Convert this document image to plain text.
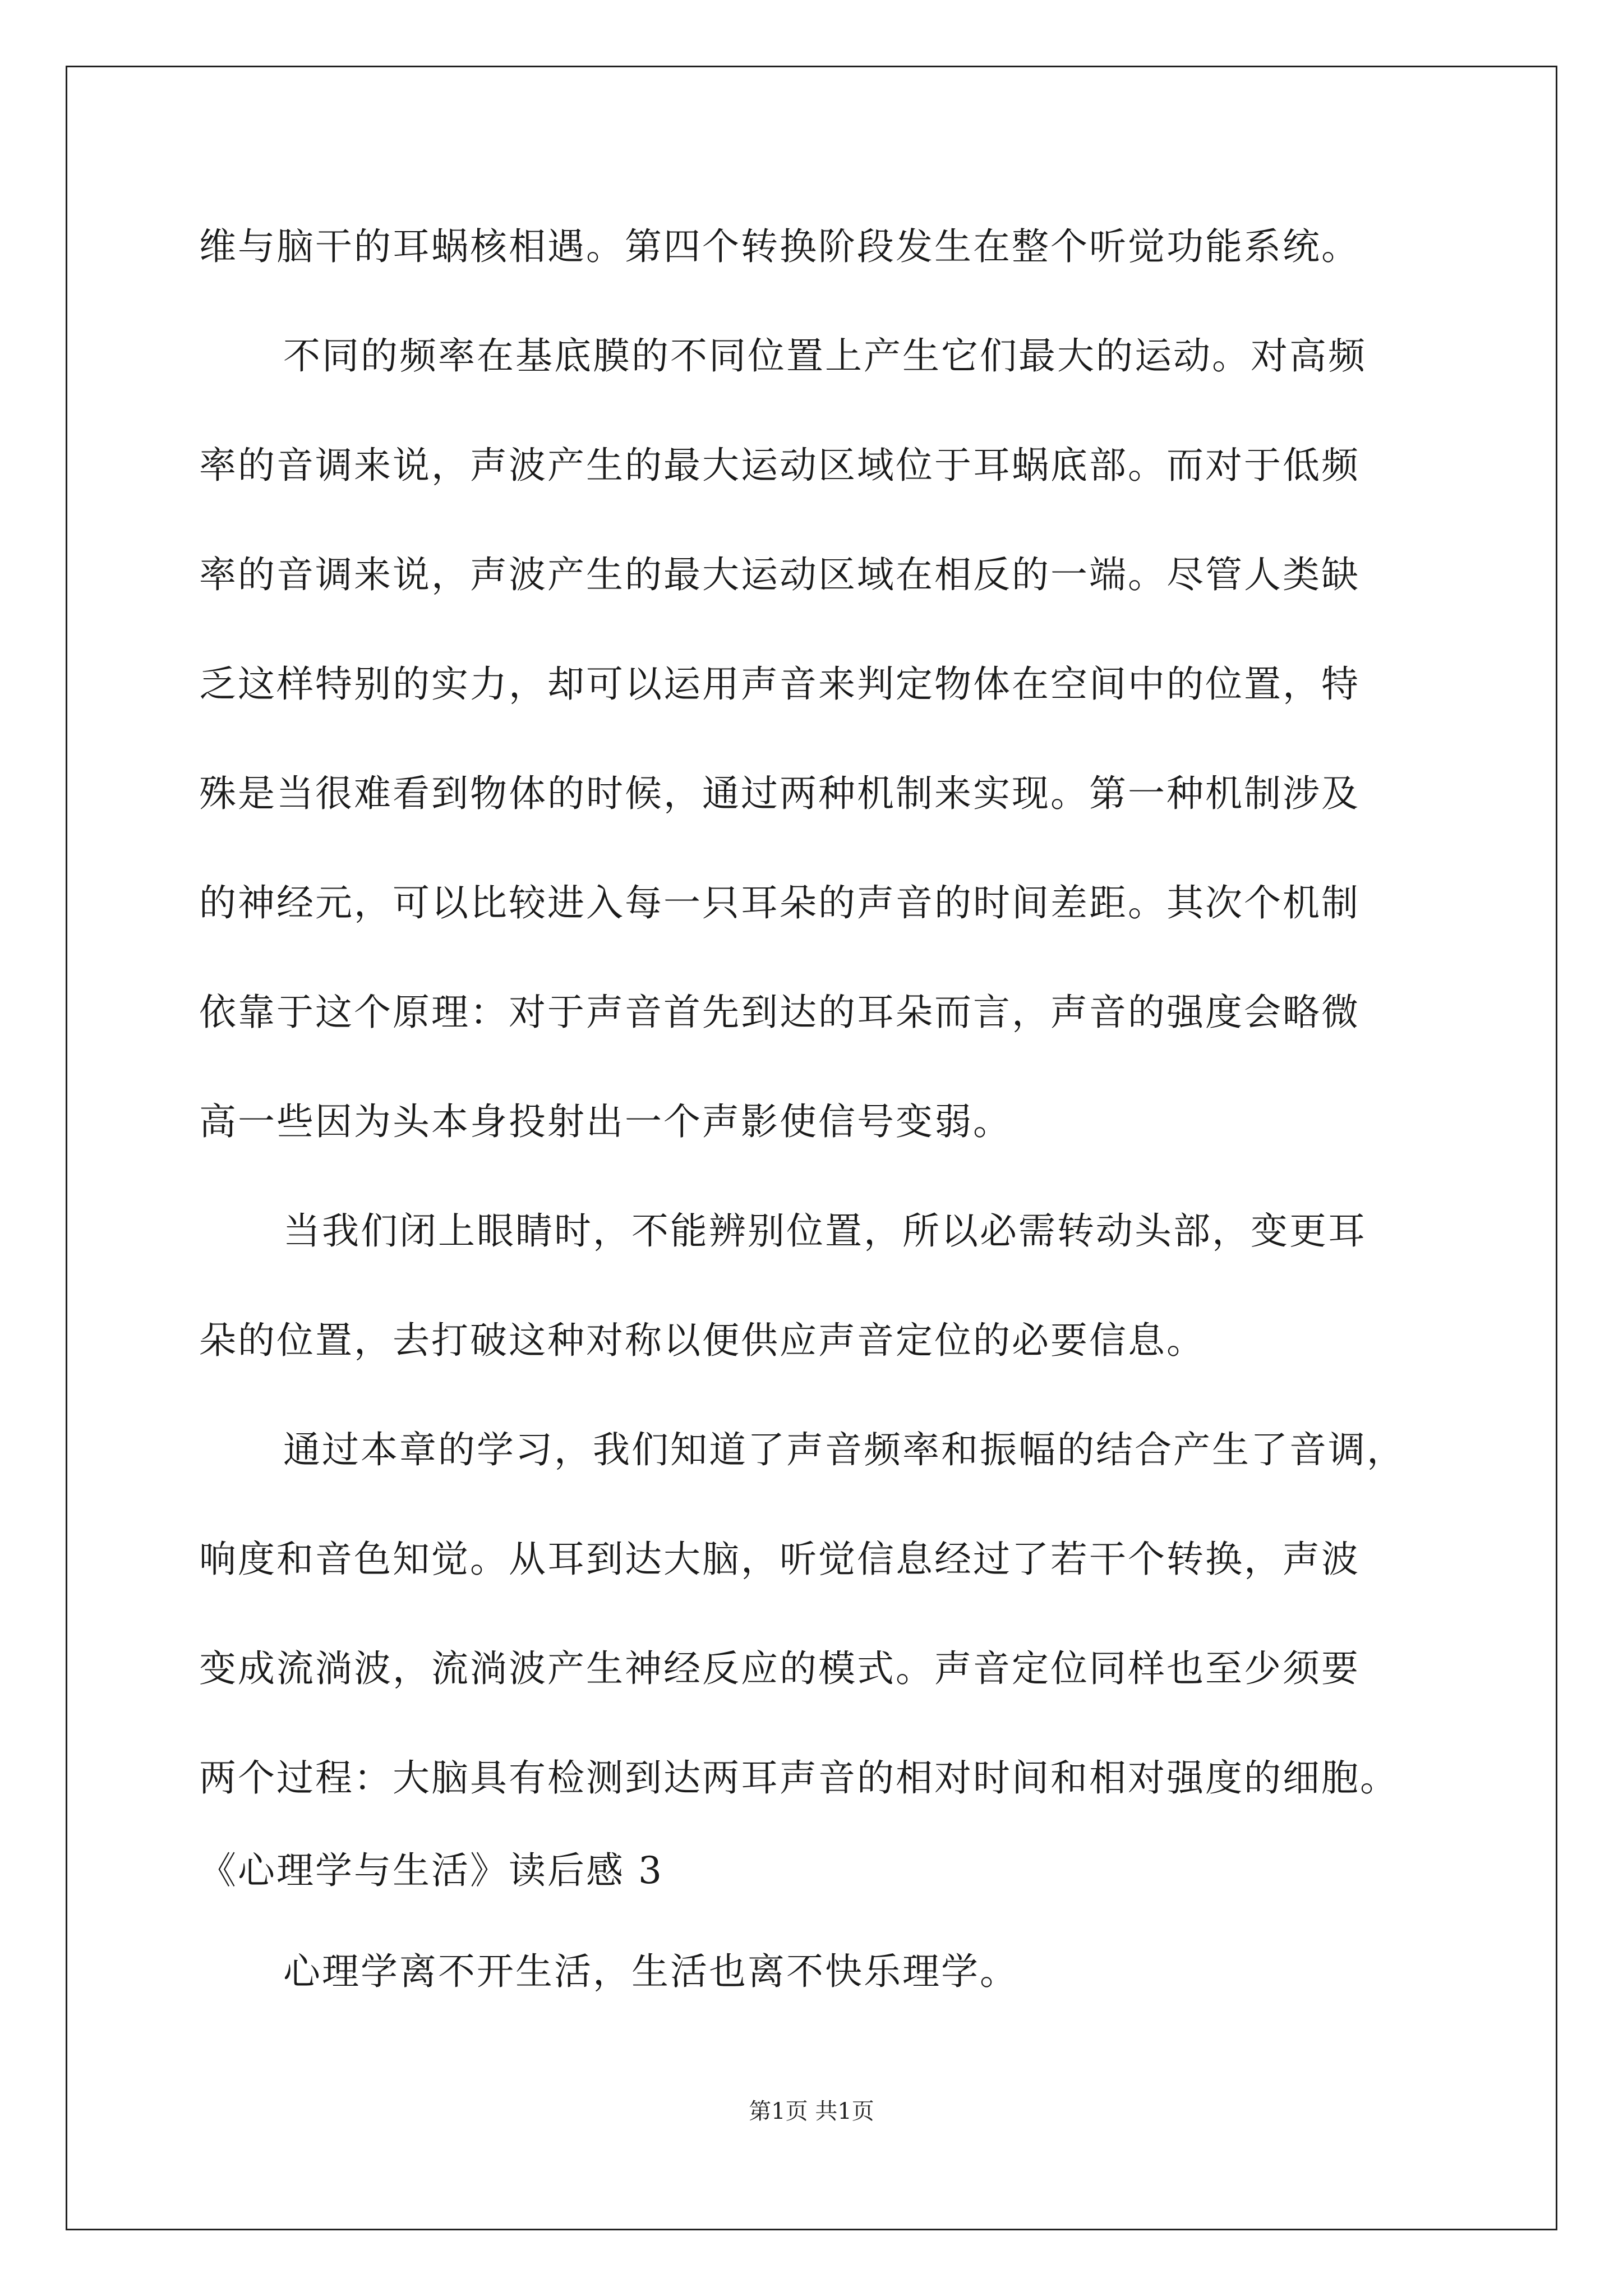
维与脑干的耳蜗核相遇。第四个转换阶段发生在整个听觉功能系统。
不同的频率在基底膜的不同位置上产生它们最大的运动。对高频
率的音调来说，声波产生的最大运动区域位于耳蜗底部。而对于低频
率的音调来说，声波产生的最大运动区域在相反的一端。尽管人类缺
乏这样特别的实力，却可以运用声音来判定物体在空间中的位置，特
殊是当很难看到物体的时候，通过两种机制来实现。第一种机制涉及
的神经元，可以比较进入每一只耳朵的声音的时间差距。其次个机制
依靠于这个原理：对于声音首先到达的耳朵而言，声音的强度会略微
高一些因为头本身投射出一个声影使信号变弱。
当我们闭上眼睛时，不能辨别位置，所以必需转动头部，变更耳
朵的位置，去打破这种对称以便供应声音定位的必要信息。
通过本章的学习，我们知道了声音频率和振幅的结合产生了音调，
响度和音色知觉。从耳到达大脑，听觉信息经过了若干个转换，声波
变成流淌波，流淌波产生神经反应的模式。声音定位同样也至少须要
两个过程：大脑具有检测到达两耳声音的相对时间和相对强度的细胞。
《心理学与生活》读后感 3
心理学离不开生活，生活也离不快乐理学。
第1页 共1页
